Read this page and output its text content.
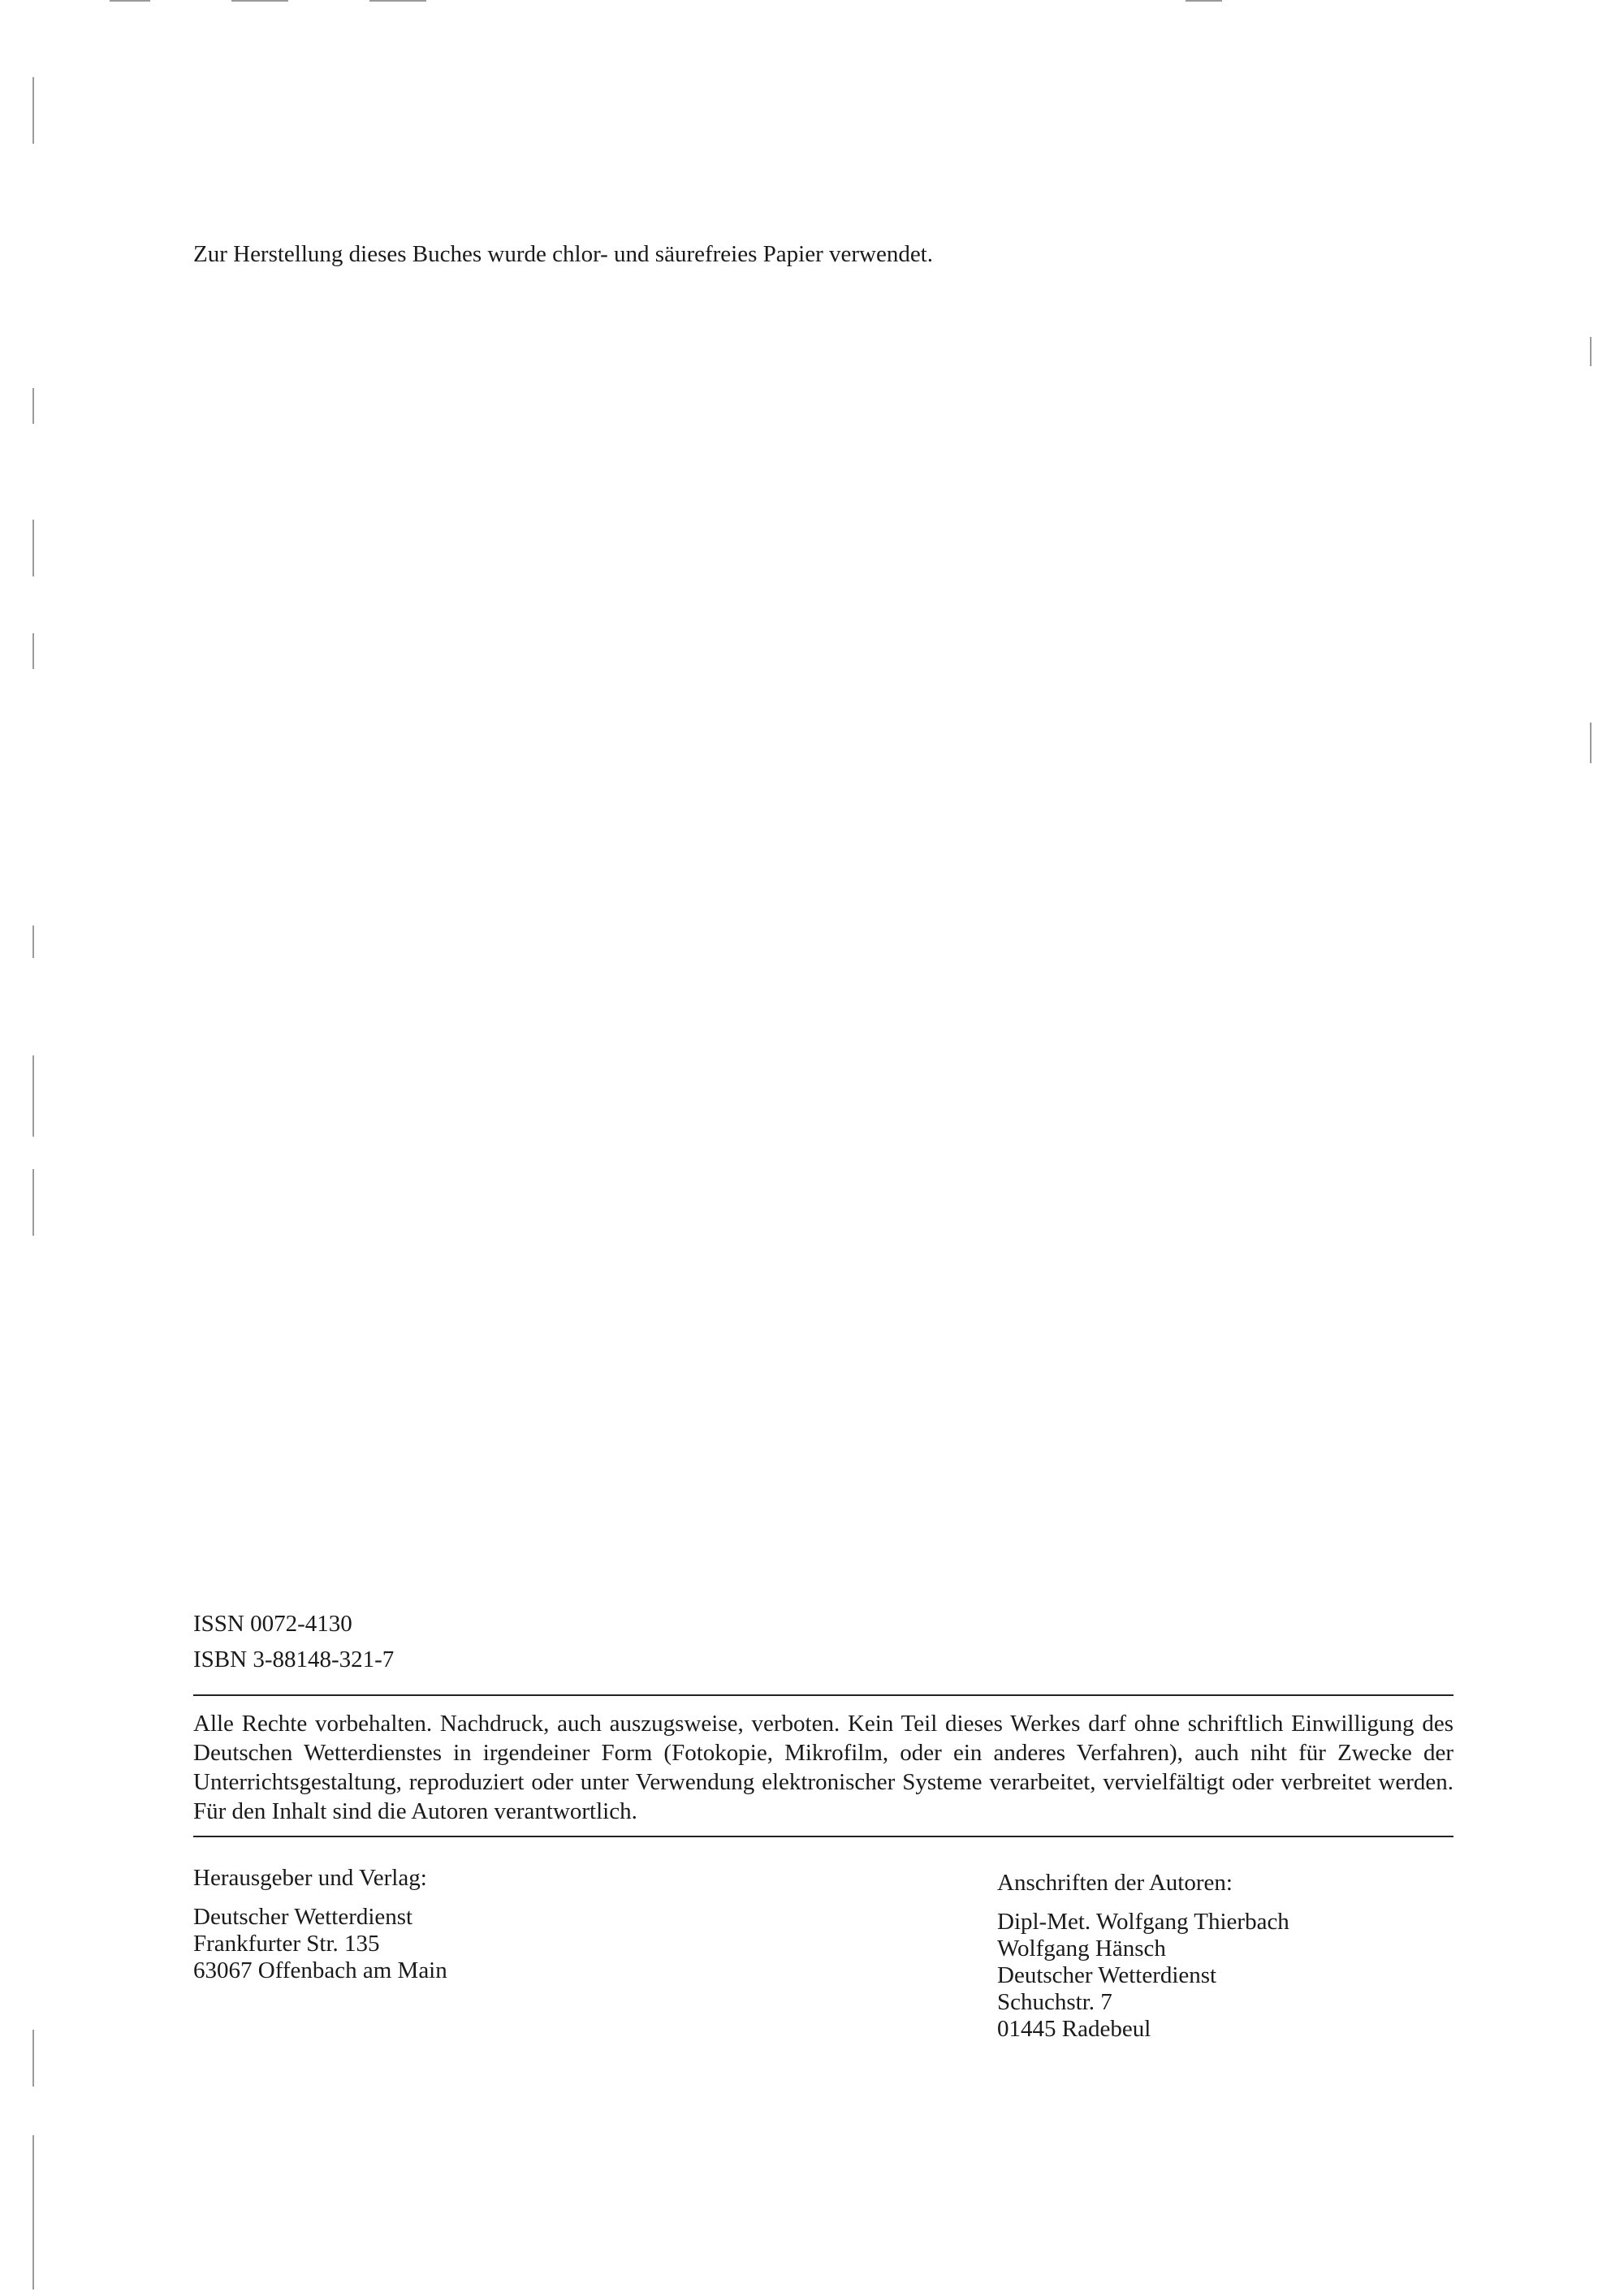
Zur Herstellung dieses Buches wurde chlor- und säurefreies Papier verwendet.
ISSN 0072-4130
ISBN 3-88148-321-7
Alle Rechte vorbehalten. Nachdruck, auch auszugsweise, verboten. Kein Teil dieses Werkes darf ohne schriftlich Einwilligung des Deutschen Wetterdienstes in irgendeiner Form (Fotokopie, Mikrofilm, oder ein anderes Verfahren), auch niht für Zwecke der Unterrichtsgestaltung, reproduziert oder unter Verwendung elektronischer Systeme verarbeitet, vervielfältigt oder verbreitet werden. Für den Inhalt sind die Autoren verantwortlich.
Herausgeber und Verlag:
Deutscher Wetterdienst
Frankfurter Str. 135
63067 Offenbach am Main
Anschriften der Autoren:
Dipl-Met. Wolfgang Thierbach
Wolfgang Hänsch
Deutscher Wetterdienst
Schuchstr. 7
01445 Radebeul
